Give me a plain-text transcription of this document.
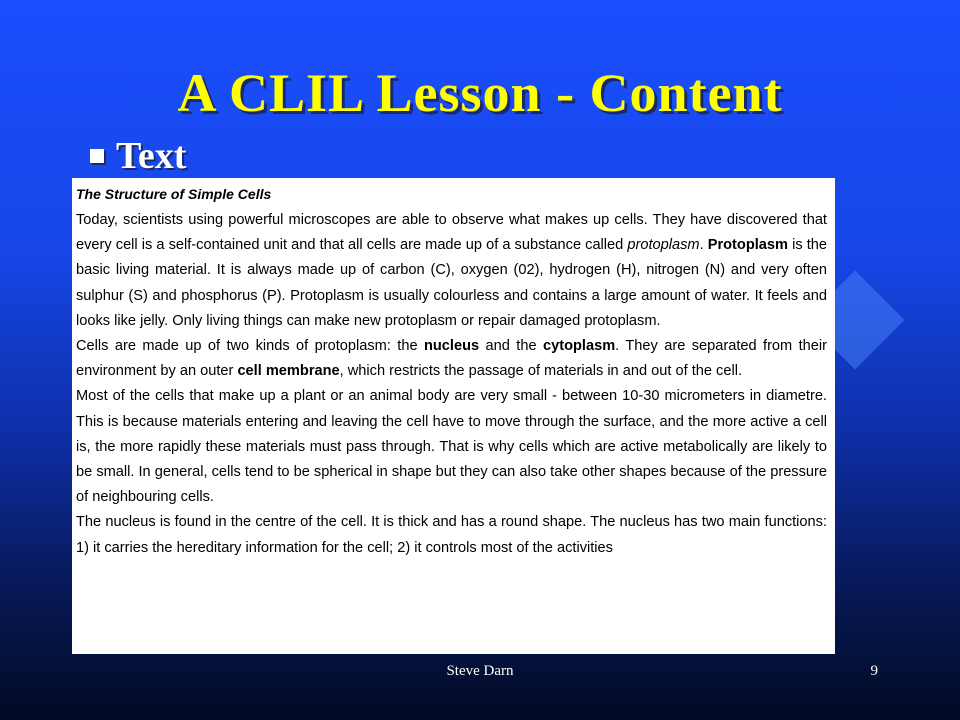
A CLIL Lesson - Content
Text
The Structure of Simple Cells

Today, scientists using powerful microscopes are able to observe what makes up cells. They have discovered that every cell is a self-contained unit and that all cells are made up of a substance called protoplasm. Protoplasm is the basic living material. It is always made up of carbon (C), oxygen (02), hydrogen (H), nitrogen (N) and very often sulphur (S) and phosphorus (P). Protoplasm is usually colourless and contains a large amount of water. It feels and looks like jelly. Only living things can make new protoplasm or repair damaged protoplasm.

Cells are made up of two kinds of protoplasm: the nucleus and the cytoplasm. They are separated from their environment by an outer cell membrane, which restricts the passage of materials in and out of the cell.

Most of the cells that make up a plant or an animal body are very small - between 10-30 micrometers in diametre. This is because materials entering and leaving the cell have to move through the surface, and the more active a cell is, the more rapidly these materials must pass through. That is why cells which are active metabolically are likely to be small. In general, cells tend to be spherical in shape but they can also take other shapes because of the pressure of neighbouring cells.

The nucleus is found in the centre of the cell. It is thick and has a round shape. The nucleus has two main functions: 1) it carries the hereditary information for the cell; 2) it controls most of the activities

Steve Darn	9
